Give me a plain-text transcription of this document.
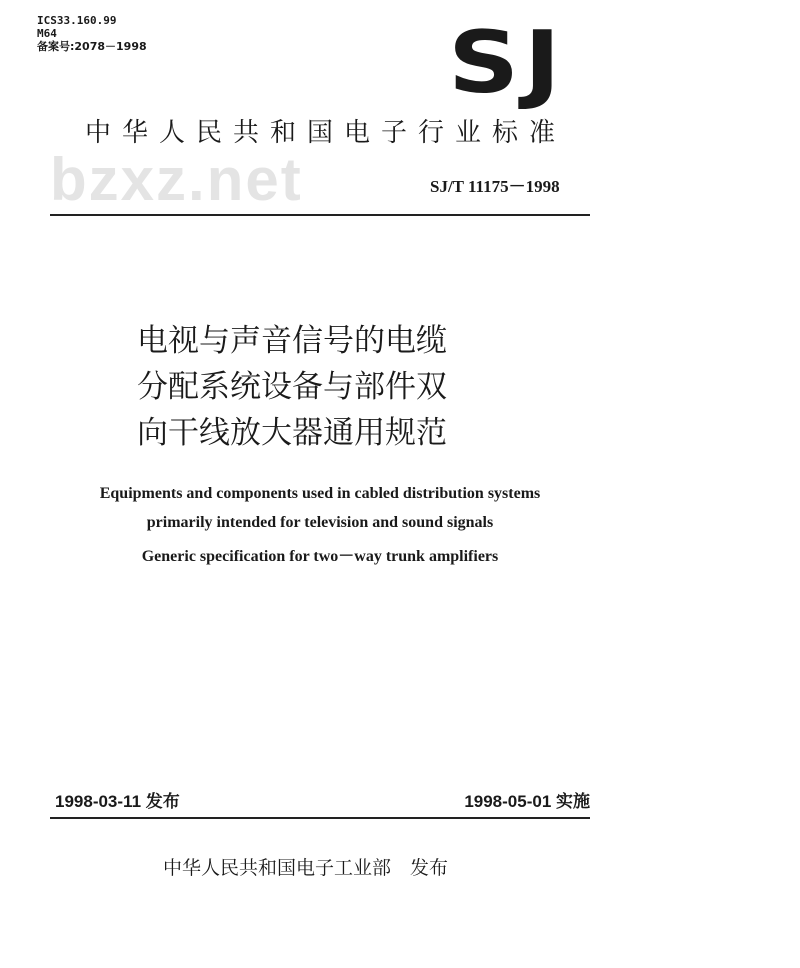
ICS33.160.99
M64
备案号:2078－1998	SJ
bzxz.net
中华人民共和国电子行业标准
SJ/T 11175－1998
电视与声音信号的电缆
分配系统设备与部件双
向干线放大器通用规范
Equipments and components used in cabled distribution systems
primarily intended for television and sound signals
Generic specification for two－way trunk amplifiers
1998-03-11 发布	1998-05-01 实施
中华人民共和国电子工业部　发布
